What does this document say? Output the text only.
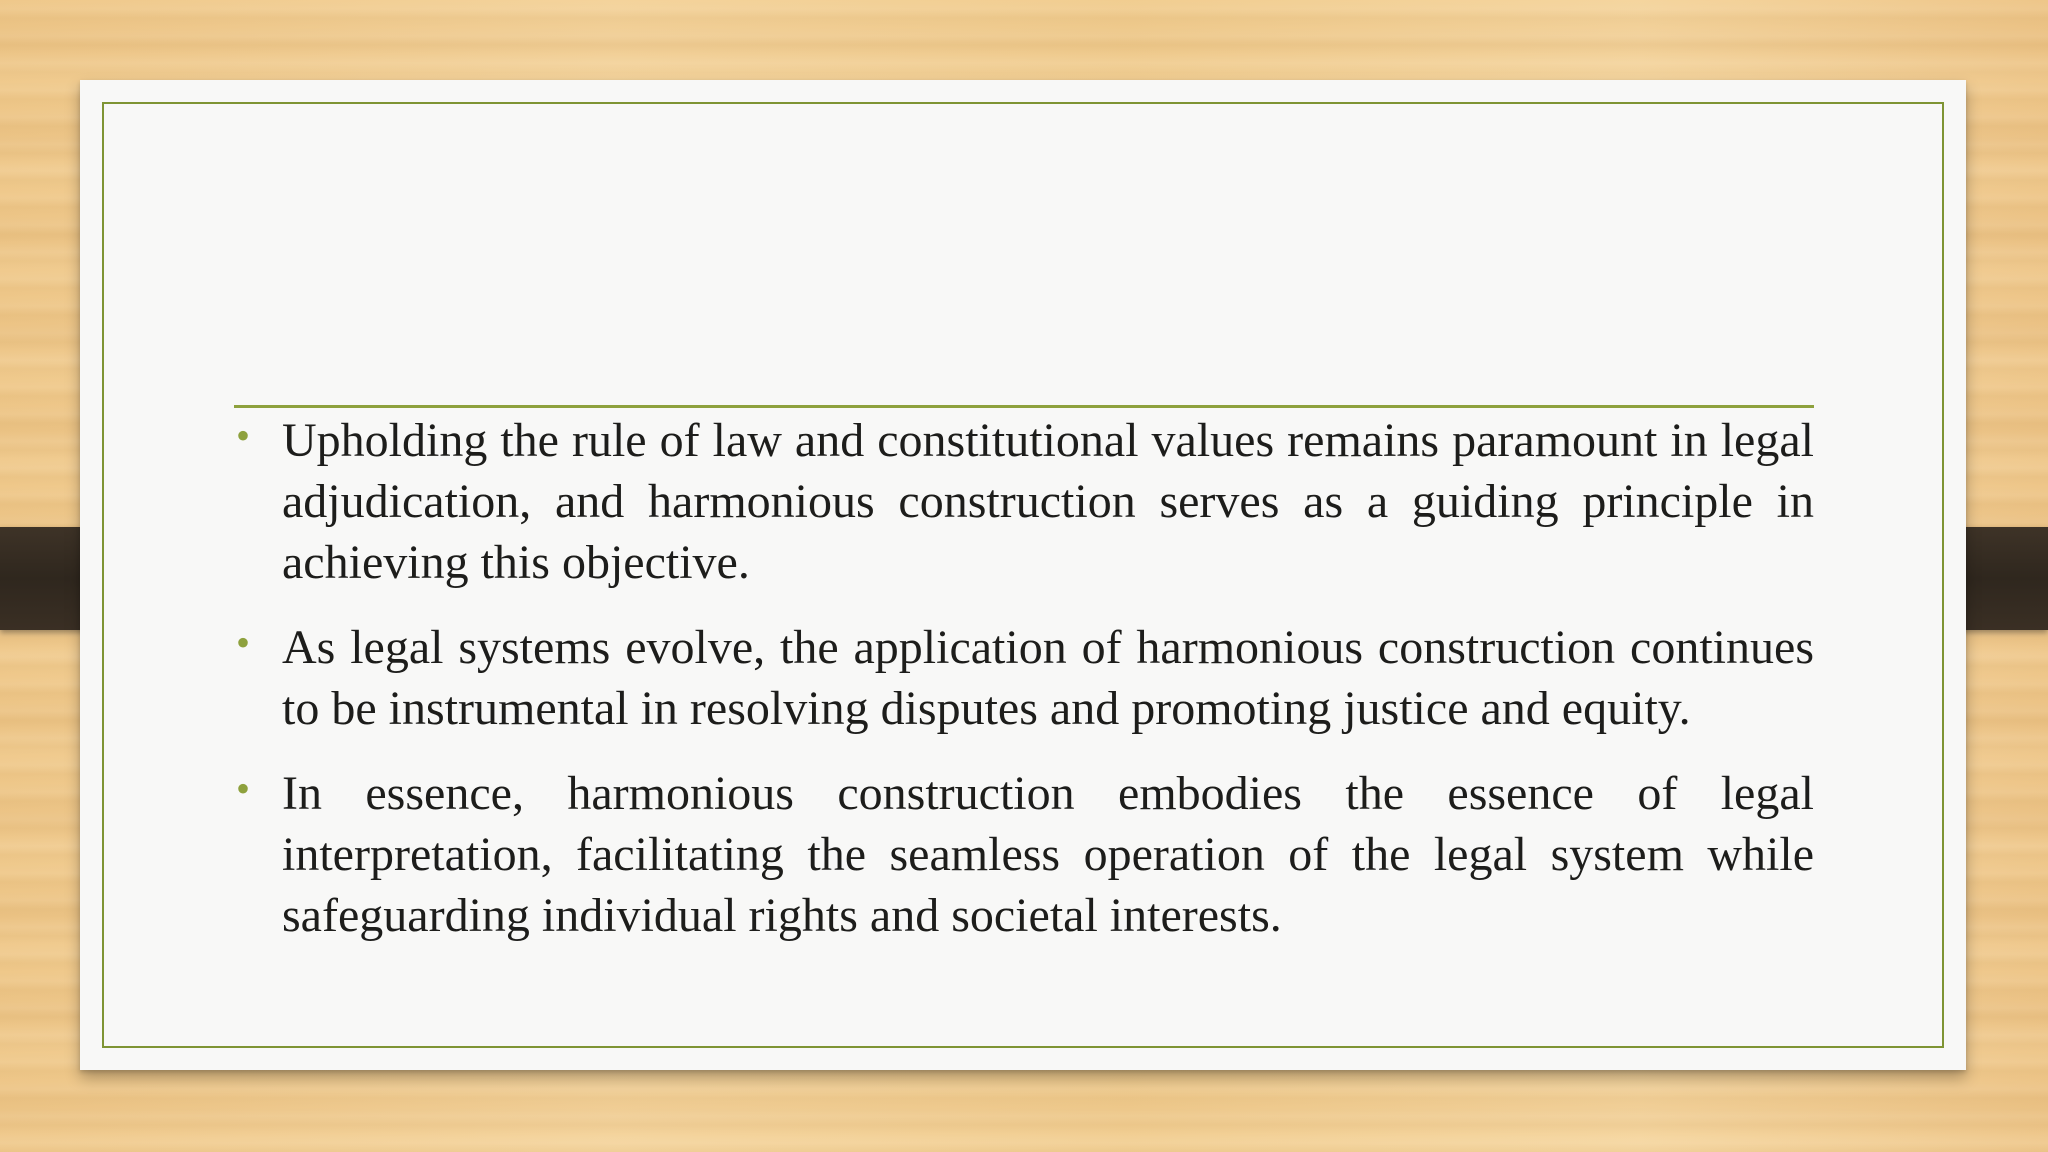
• Upholding the rule of law and constitutional values remains paramount in legal adjudication, and harmonious construction serves as a guiding principle in achieving this objective.
• As legal systems evolve, the application of harmonious construction continues to be instrumental in resolving disputes and promoting justice and equity.
• In essence, harmonious construction embodies the essence of legal interpretation, facilitating the seamless operation of the legal system while safeguarding individual rights and societal interests.
